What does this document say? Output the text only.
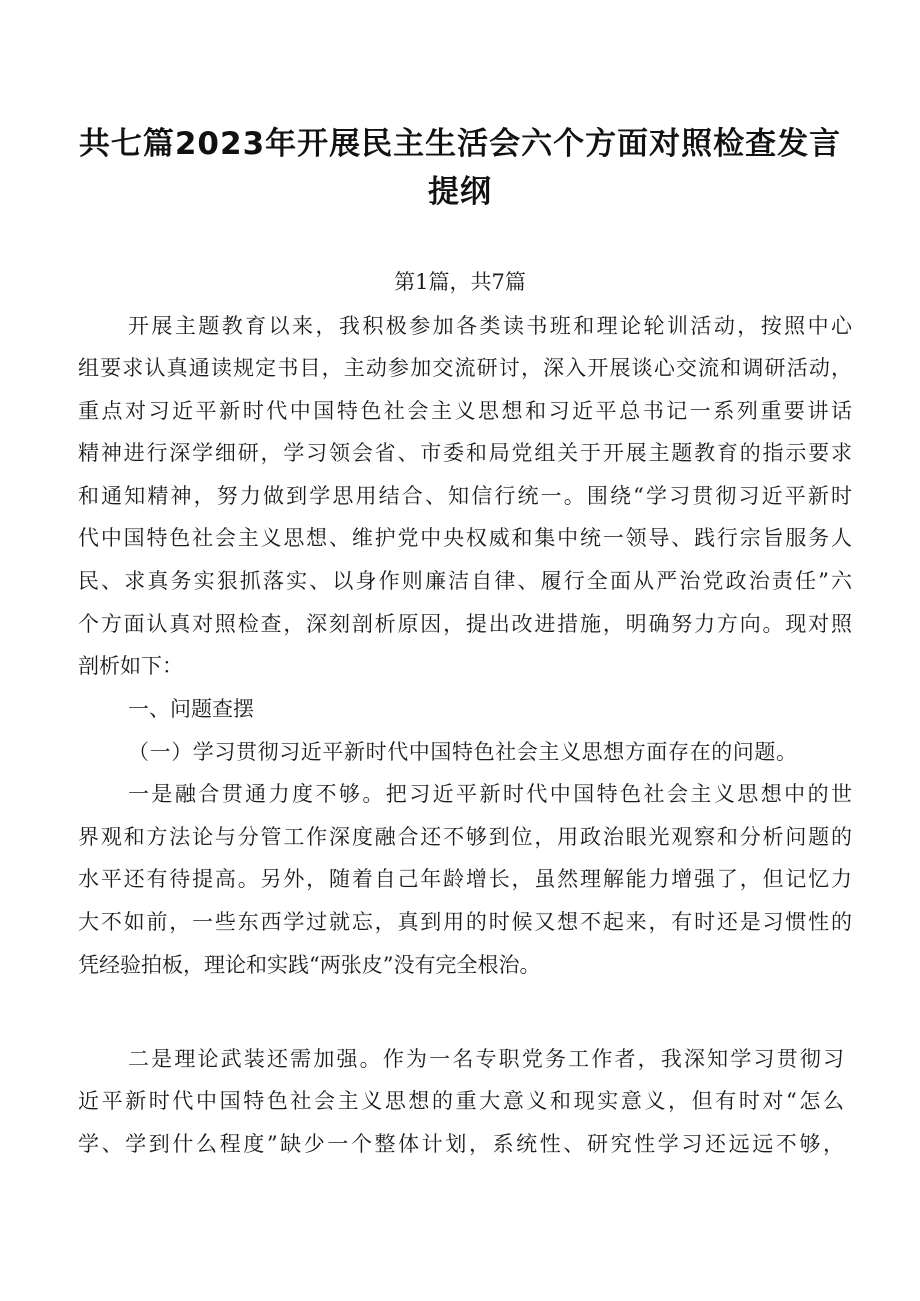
共七篇2023年开展民主生活会六个方面对照检查发言
提纲

第1篇，共7篇

开展主题教育以来，我积极参加各类读书班和理论轮训活动，按照中心

组要求认真通读规定书目，主动参加交流研讨，深入开展谈心交流和调研活动，

重点对习近平新时代中国特色社会主义思想和习近平总书记一系列重要讲话

精神进行深学细研，学习领会省、市委和局党组关于开展主题教育的指示要求

和通知精神，努力做到学思用结合、知信行统一。围绕“学习贯彻习近平新时

代中国特色社会主义思想、维护党中央权威和集中统一领导、践行宗旨服务人

民、求真务实狠抓落实、以身作则廉洁自律、履行全面从严治党政治责任”六

个方面认真对照检查，深刻剖析原因，提出改进措施，明确努力方向。现对照

剖析如下：

一、问题查摆

（一）学习贯彻习近平新时代中国特色社会主义思想方面存在的问题。

一是融合贯通力度不够。把习近平新时代中国特色社会主义思想中的世

界观和方法论与分管工作深度融合还不够到位，用政治眼光观察和分析问题的

水平还有待提高。另外，随着自己年龄增长，虽然理解能力增强了，但记忆力

大不如前，一些东西学过就忘，真到用的时候又想不起来，有时还是习惯性的

凭经验拍板，理论和实践“两张皮”没有完全根治。

二是理论武装还需加强。作为一名专职党务工作者，我深知学习贯彻习

近平新时代中国特色社会主义思想的重大意义和现实意义，但有时对“怎么

学、学到什么程度”缺少一个整体计划，系统性、研究性学习还远远不够，
